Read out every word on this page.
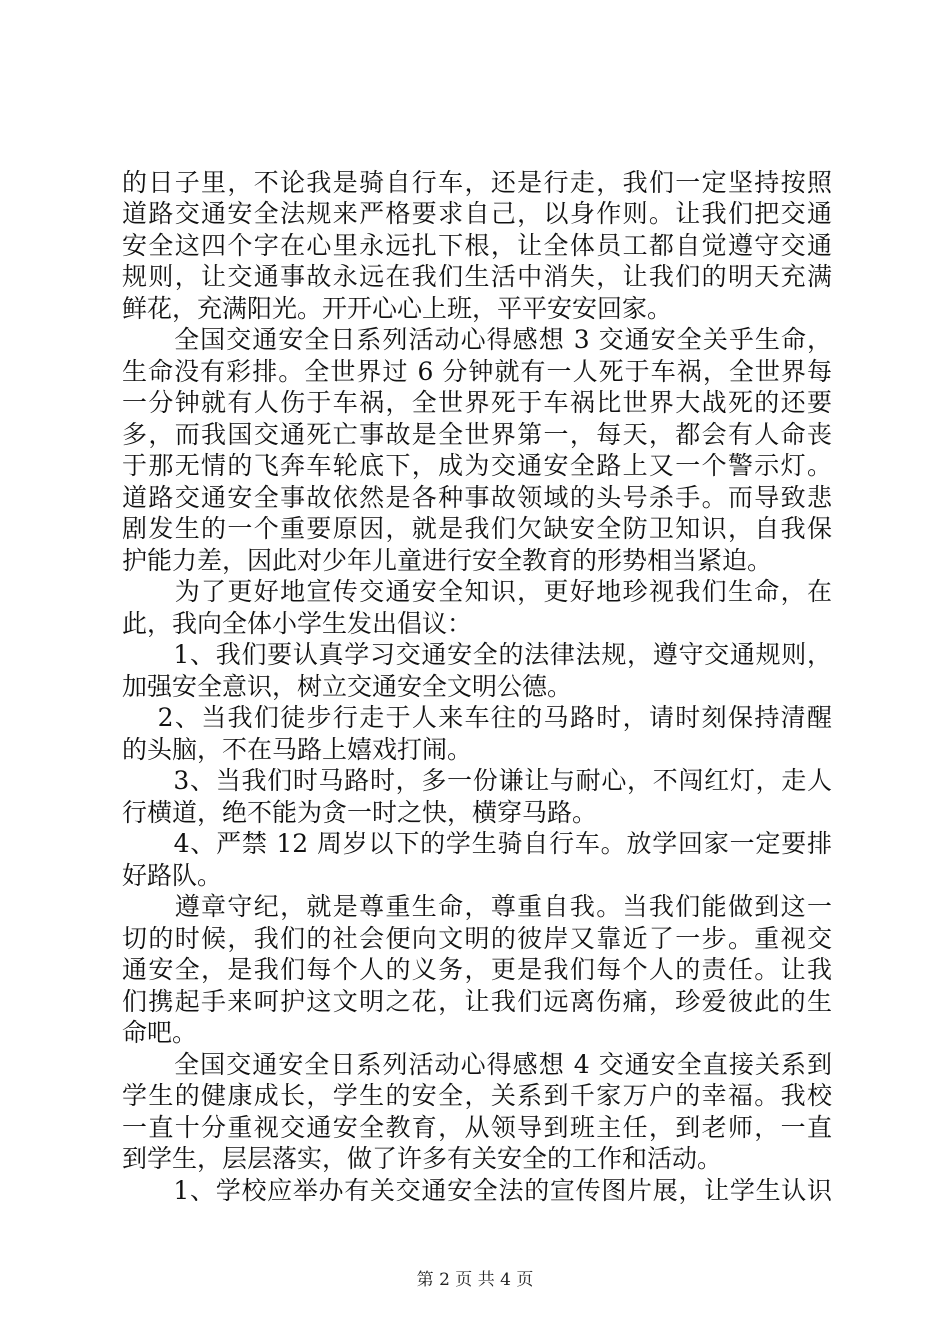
的日子里，不论我是骑自行车，还是行走，我们一定坚持按照
道路交通安全法规来严格要求自己，以身作则。让我们把交通
安全这四个字在心里永远扎下根，让全体员工都自觉遵守交通
规则，让交通事故永远在我们生活中消失，让我们的明天充满
鲜花，充满阳光。开开心心上班，平平安安回家。
　　全国交通安全日系列活动心得感想 3 交通安全关乎生命，
生命没有彩排。全世界过 6 分钟就有一人死于车祸，全世界每
一分钟就有人伤于车祸，全世界死于车祸比世界大战死的还要
多，而我国交通死亡事故是全世界第一，每天，都会有人命丧
于那无情的飞奔车轮底下，成为交通安全路上又一个警示灯。
道路交通安全事故依然是各种事故领域的头号杀手。而导致悲
剧发生的一个重要原因，就是我们欠缺安全防卫知识，自我保
护能力差，因此对少年儿童进行安全教育的形势相当紧迫。
　　为了更好地宣传交通安全知识，更好地珍视我们生命，在
此，我向全体小学生发出倡议：
　　1、我们要认真学习交通安全的法律法规，遵守交通规则，
加强安全意识，树立交通安全文明公德。
　 2、当我们徒步行走于人来车往的马路时，请时刻保持清醒
的头脑，不在马路上嬉戏打闹。
　　3、当我们时马路时，多一份谦让与耐心，不闯红灯，走人
行横道，绝不能为贪一时之快，横穿马路。
　　4、严禁 12 周岁以下的学生骑自行车。放学回家一定要排
好路队。
　　遵章守纪，就是尊重生命，尊重自我。当我们能做到这一
切的时候，我们的社会便向文明的彼岸又靠近了一步。重视交
通安全，是我们每个人的义务，更是我们每个人的责任。让我
们携起手来呵护这文明之花，让我们远离伤痛，珍爱彼此的生
命吧。
　　全国交通安全日系列活动心得感想 4 交通安全直接关系到
学生的健康成长，学生的安全，关系到千家万户的幸福。我校
一直十分重视交通安全教育，从领导到班主任，到老师，一直
到学生，层层落实，做了许多有关安全的工作和活动。
　　1、学校应举办有关交通安全法的宣传图片展，让学生认识
第 2 页 共 4 页
